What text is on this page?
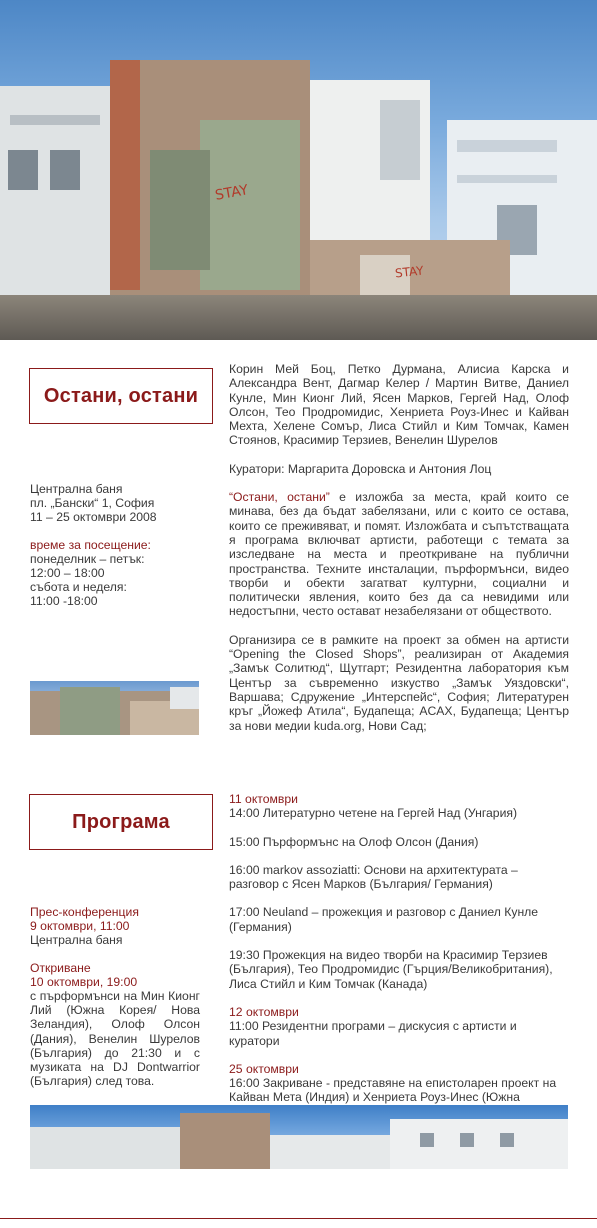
STAY
STAY
Остани, остани
Централна баня
пл. „Бански“ 1, София
11 – 25 октомври 2008
време за посещение:
понеделник – петък:
12:00 – 18:00
събота и неделя:
11:00 -18:00

Корин Мей Боц, Петко Дурмана, Алисиа Карска и Александра Вент, Дагмар Келер / Мартин Витве, Даниел Кунле, Мин Кионг Лий, Ясен Марков, Гергей Над, Олоф Олсон, Тео Продромидис, Хенриета Роуз-Инес и Кайван Мехта, Хелене Сомър, Лиса Стийл и Ким Томчак, Камен Стоянов, Красимир Терзиев, Венелин Шурелов

Куратори: Маргарита Доровска и Антония Лоц

“Остани, остани” е изложба за места, край които се минава, без да бъдат забелязани, или с които се остава, които се преживяват, и помят. Изложбата и съпътстващата я програма включват артисти, работещи с темата за изследване на места и преоткриване на публични пространства. Техните инсталации, пърформънси, видео творби и обекти загатват културни, социални и политически явления, които без да са невидими или недостъпни, често остават незабелязани от обществото.

Организира се в рамките на проект за обмен на артисти “Opening the Closed Shops”, реализиран от Академия „Замък Солитюд“, Щутгарт; Резидентна лаборатория към Център за съвременно изкуство „Замък Уяздовски“, Варшава; Сдружение „Интерспейс“, София; Литературен кръг „Йожеф Атила“, Будапеща; ACAX, Будапеща; Център за нови медии kuda.org, Нови Сад;

Програма
Прес-конференция
9 октомври, 11:00
Централна баня
Откриване
10 октомври, 19:00
с пърформънси на Мин Кионг Лий (Южна Корея/ Нова Зеландия), Олоф Олсон (Дания), Венелин Шурелов (България) до 21:30 и с музиката на DJ Dontwarrior (България) след това.

11 октомври

14:00 Литературно четене на Гергей Над (Унгария)

15:00 Пърформънс на Олоф Олсон (Дания)

16:00 markov assoziatti: Основи на архитектурата – разговор с Ясен Марков (България/ Германия)

17:00 Neuland – прожекция и разговор с Даниел Кунле (Германия)

19:30 Прожекция на видео творби на Красимир Терзиев (България), Тео Продромидис (Гърция/Великобритания), Лиса Стийл и Ким Томчак (Канада)

12 октомври

11:00 Резидентни програми – дискусия с артисти и куратори

25 октомври

16:00 Закриване - представяне на епистоларен проект на Кайван Мета (Индия) и Хенриета Роуз-Инес (Южна
